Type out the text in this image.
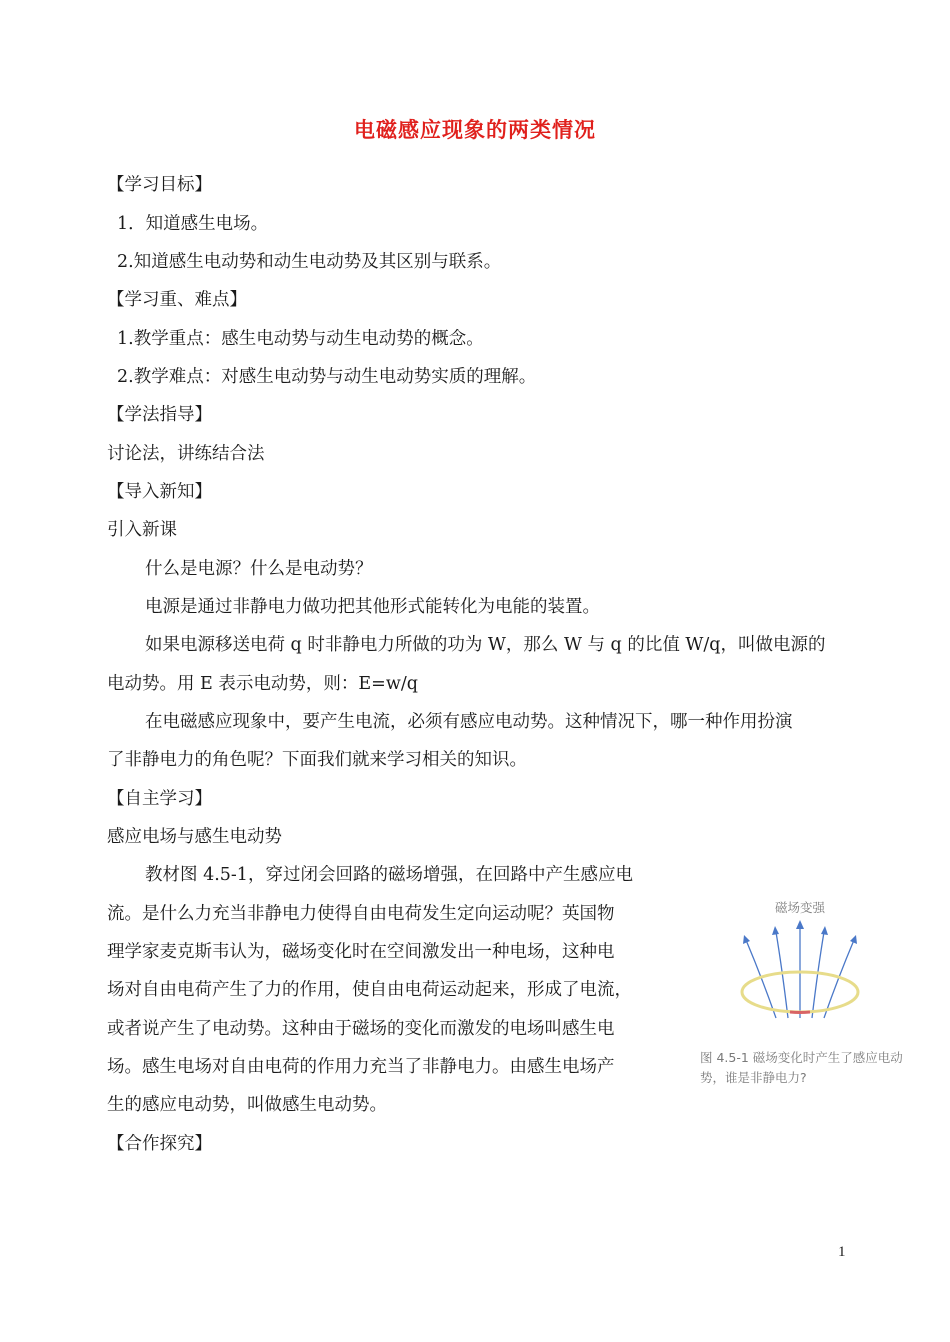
电磁感应现象的两类情况
【学习目标】
1．知道感生电场。
2.知道感生电动势和动生电动势及其区别与联系。
【学习重、难点】
1.教学重点：感生电动势与动生电动势的概念。
2.教学难点：对感生电动势与动生电动势实质的理解。
【学法指导】
讨论法，讲练结合法
【导入新知】
引入新课
什么是电源？什么是电动势？
电源是通过非静电力做功把其他形式能转化为电能的装置。
如果电源移送电荷 q 时非静电力所做的功为 W，那么 W 与 q 的比值 W/q，叫做电源的
电动势。用 E 表示电动势，则：E=w/q
在电磁感应现象中，要产生电流，必须有感应电动势。这种情况下，哪一种作用扮演
了非静电力的角色呢？下面我们就来学习相关的知识。
【自主学习】
感应电场与感生电动势
教材图 4.5-1，穿过闭会回路的磁场增强，在回路中产生感应电
流。是什么力充当非静电力使得自由电荷发生定向运动呢？英国物
理学家麦克斯韦认为，磁场变化时在空间激发出一种电场，这种电
场对自由电荷产生了力的作用，使自由电荷运动起来，形成了电流，
或者说产生了电动势。这种由于磁场的变化而激发的电场叫感生电
场。感生电场对自由电荷的作用力充当了非静电力。由感生电场产
生的感应电动势，叫做感生电动势。
【合作探究】
磁场变强
图 4.5-1 磁场变化时产生了感应电动势，谁是非静电力?
1
